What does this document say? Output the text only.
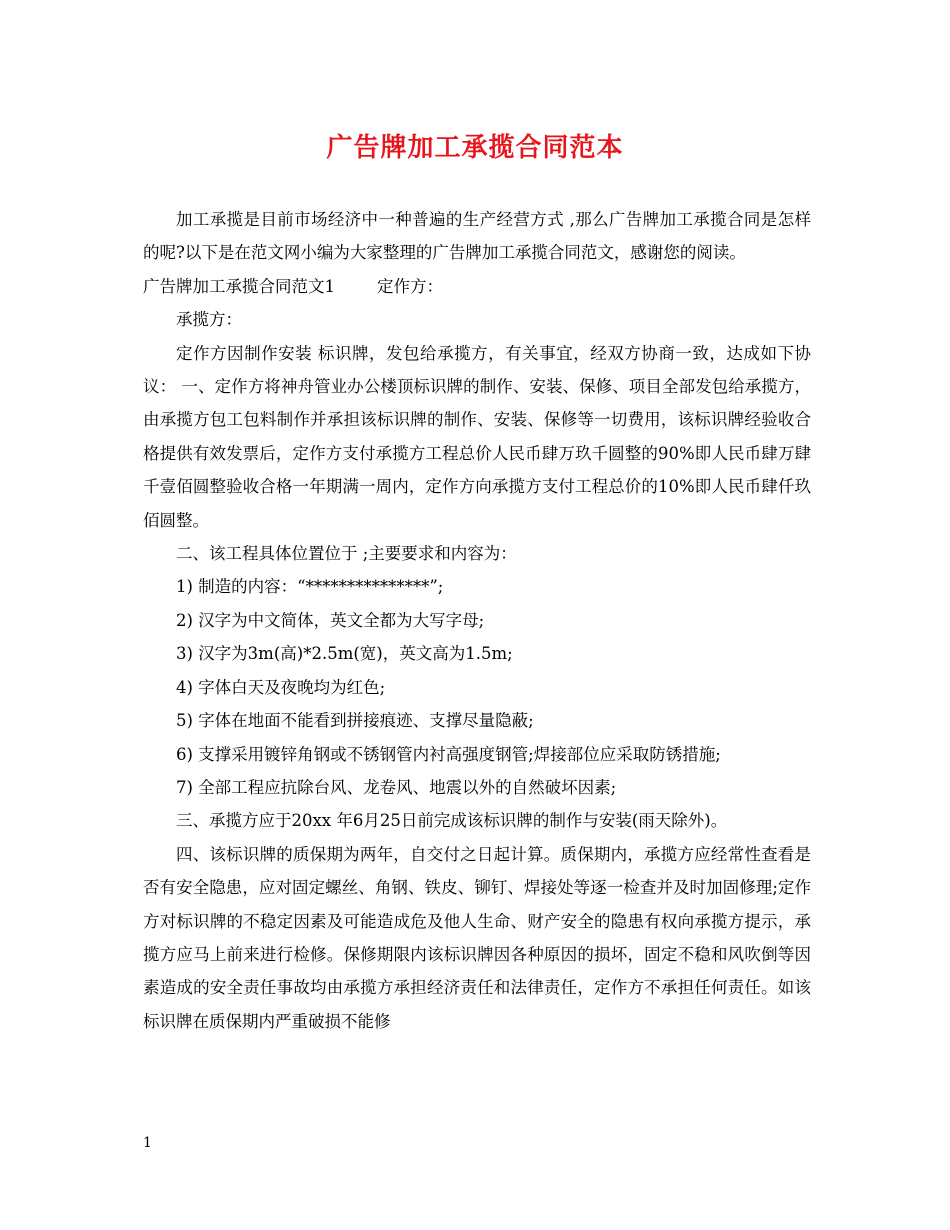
广告牌加工承揽合同范本

加工承揽是目前市场经济中一种普遍的生产经营方式 ,那么广告牌加工承揽合同是怎样的呢?以下是在范文网小编为大家整理的广告牌加工承揽合同范文，感谢您的阅读。

广告牌加工承揽合同范文1	定作方：

承揽方：

定作方因制作安装 标识牌，发包给承揽方，有关事宜，经双方协商一致，达成如下协议： 一、定作方将神舟管业办公楼顶标识牌的制作、安装、保修、项目全部发包给承揽方，由承揽方包工包料制作并承担该标识牌的制作、安装、保修等一切费用，该标识牌经验收合格提供有效发票后，定作方支付承揽方工程总价人民币肆万玖千圆整的90%即人民币肆万肆千壹佰圆整验收合格一年期满一周内，定作方向承揽方支付工程总价的10%即人民币肆仟玖佰圆整。

二、该工程具体位置位于 ;主要要求和内容为：

1) 制造的内容：“***************”;

2) 汉字为中文简体，英文全都为大写字母;

3) 汉字为3m(高)*2.5m(宽)，英文高为1.5m;

4) 字体白天及夜晚均为红色;

5) 字体在地面不能看到拼接痕迹、支撑尽量隐蔽;

6) 支撑采用镀锌角钢或不锈钢管内衬高强度钢管;焊接部位应采取防锈措施;

7) 全部工程应抗除台风、龙卷风、地震以外的自然破坏因素;

三、承揽方应于20xx 年6月25日前完成该标识牌的制作与安装(雨天除外)。

四、该标识牌的质保期为两年，自交付之日起计算。质保期内，承揽方应经常性查看是否有安全隐患，应对固定螺丝、角钢、铁皮、铆钉、焊接处等逐一检查并及时加固修理;定作方对标识牌的不稳定因素及可能造成危及他人生命、财产安全的隐患有权向承揽方提示，承揽方应马上前来进行检修。保修期限内该标识牌因各种原因的损坏，固定不稳和风吹倒等因素造成的安全责任事故均由承揽方承担经济责任和法律责任，定作方不承担任何责任。如该标识牌在质保期内严重破损不能修

1
